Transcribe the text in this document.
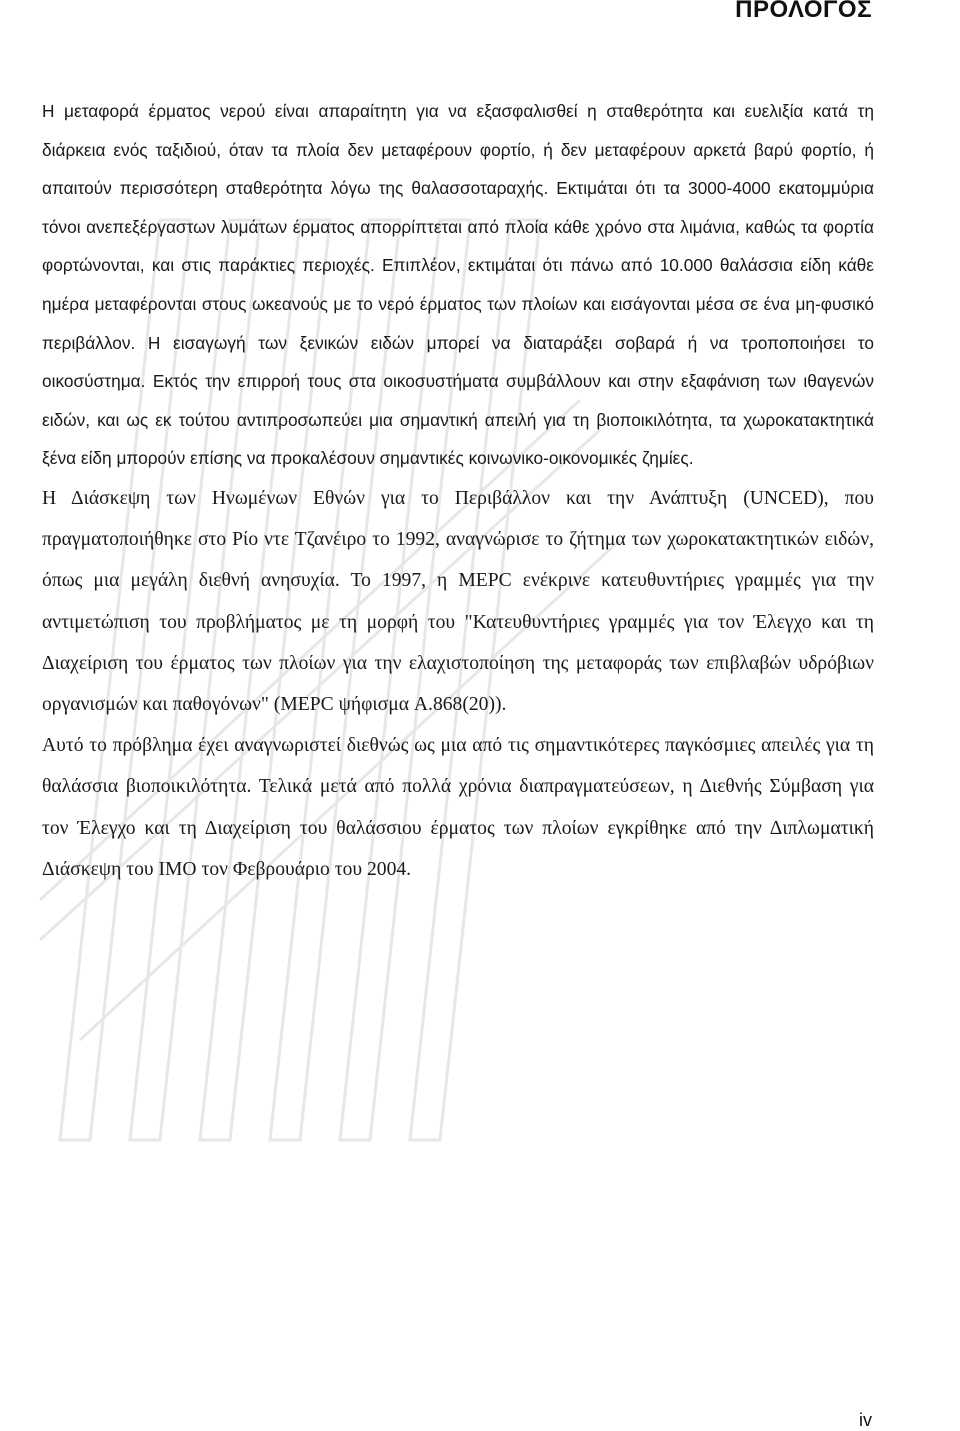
ΠΡΟΛΟΓΟΣ

Η μεταφορά έρματος νερού είναι απαραίτητη για να εξασφαλισθεί η σταθερότητα και ευελιξία κατά τη διάρκεια ενός ταξιδιού, όταν τα πλοία δεν μεταφέρουν φορτίο, ή δεν μεταφέρουν αρκετά βαρύ φορτίο, ή απαιτούν περισσότερη σταθερότητα λόγω της θαλασσοταραχής. Εκτιμάται ότι τα 3000-4000 εκατομμύρια τόνοι ανεπεξέργαστων λυμάτων έρματος απορρίπτεται από πλοία κάθε χρόνο στα λιμάνια, καθώς τα φορτία φορτώνονται, και στις παράκτιες περιοχές. Επιπλέον, εκτιμάται ότι πάνω από 10.000 θαλάσσια είδη κάθε ημέρα μεταφέρονται στους ωκεανούς με το νερό έρματος των πλοίων και εισάγονται μέσα σε ένα μη-φυσικό περιβάλλον. Η εισαγωγή των ξενικών ειδών μπορεί να διαταράξει σοβαρά ή να τροποποιήσει το οικοσύστημα. Εκτός την επιρροή τους στα οικοσυστήματα συμβάλλουν και στην εξαφάνιση των ιθαγενών ειδών, και ως εκ τούτου αντιπροσωπεύει μια σημαντική απειλή για τη βιοποικιλότητα, τα χωροκατακτητικά ξένα είδη μπορούν επίσης να προκαλέσουν σημαντικές κοινωνικο-οικονομικές ζημίες.

Η Διάσκεψη των Ηνωμένων Εθνών για το Περιβάλλον και την Ανάπτυξη (UNCED), που πραγματοποιήθηκε στο Ρίο ντε Τζανέιρο το 1992, αναγνώρισε το ζήτημα των χωροκατακτητικών ειδών, όπως μια μεγάλη διεθνή ανησυχία. Το 1997, η MEPC ενέκρινε κατευθυντήριες γραμμές για την αντιμετώπιση του προβλήματος με τη μορφή του "Κατευθυντήριες γραμμές για τον Έλεγχο και τη Διαχείριση του έρματος των πλοίων για την ελαχιστοποίηση της μεταφοράς των επιβλαβών υδρόβιων οργανισμών και παθογόνων" (MEPC ψήφισμα A.868(20)).

Αυτό το πρόβλημα έχει αναγνωριστεί διεθνώς ως μια από τις σημαντικότερες παγκόσμιες απειλές για τη θαλάσσια βιοποικιλότητα. Τελικά μετά από πολλά χρόνια διαπραγματεύσεων, η Διεθνής Σύμβαση για τον Έλεγχο και τη Διαχείριση του θαλάσσιου έρματος των πλοίων εγκρίθηκε από την Διπλωματική Διάσκεψη του IMO τον Φεβρουάριο του 2004.

iv
